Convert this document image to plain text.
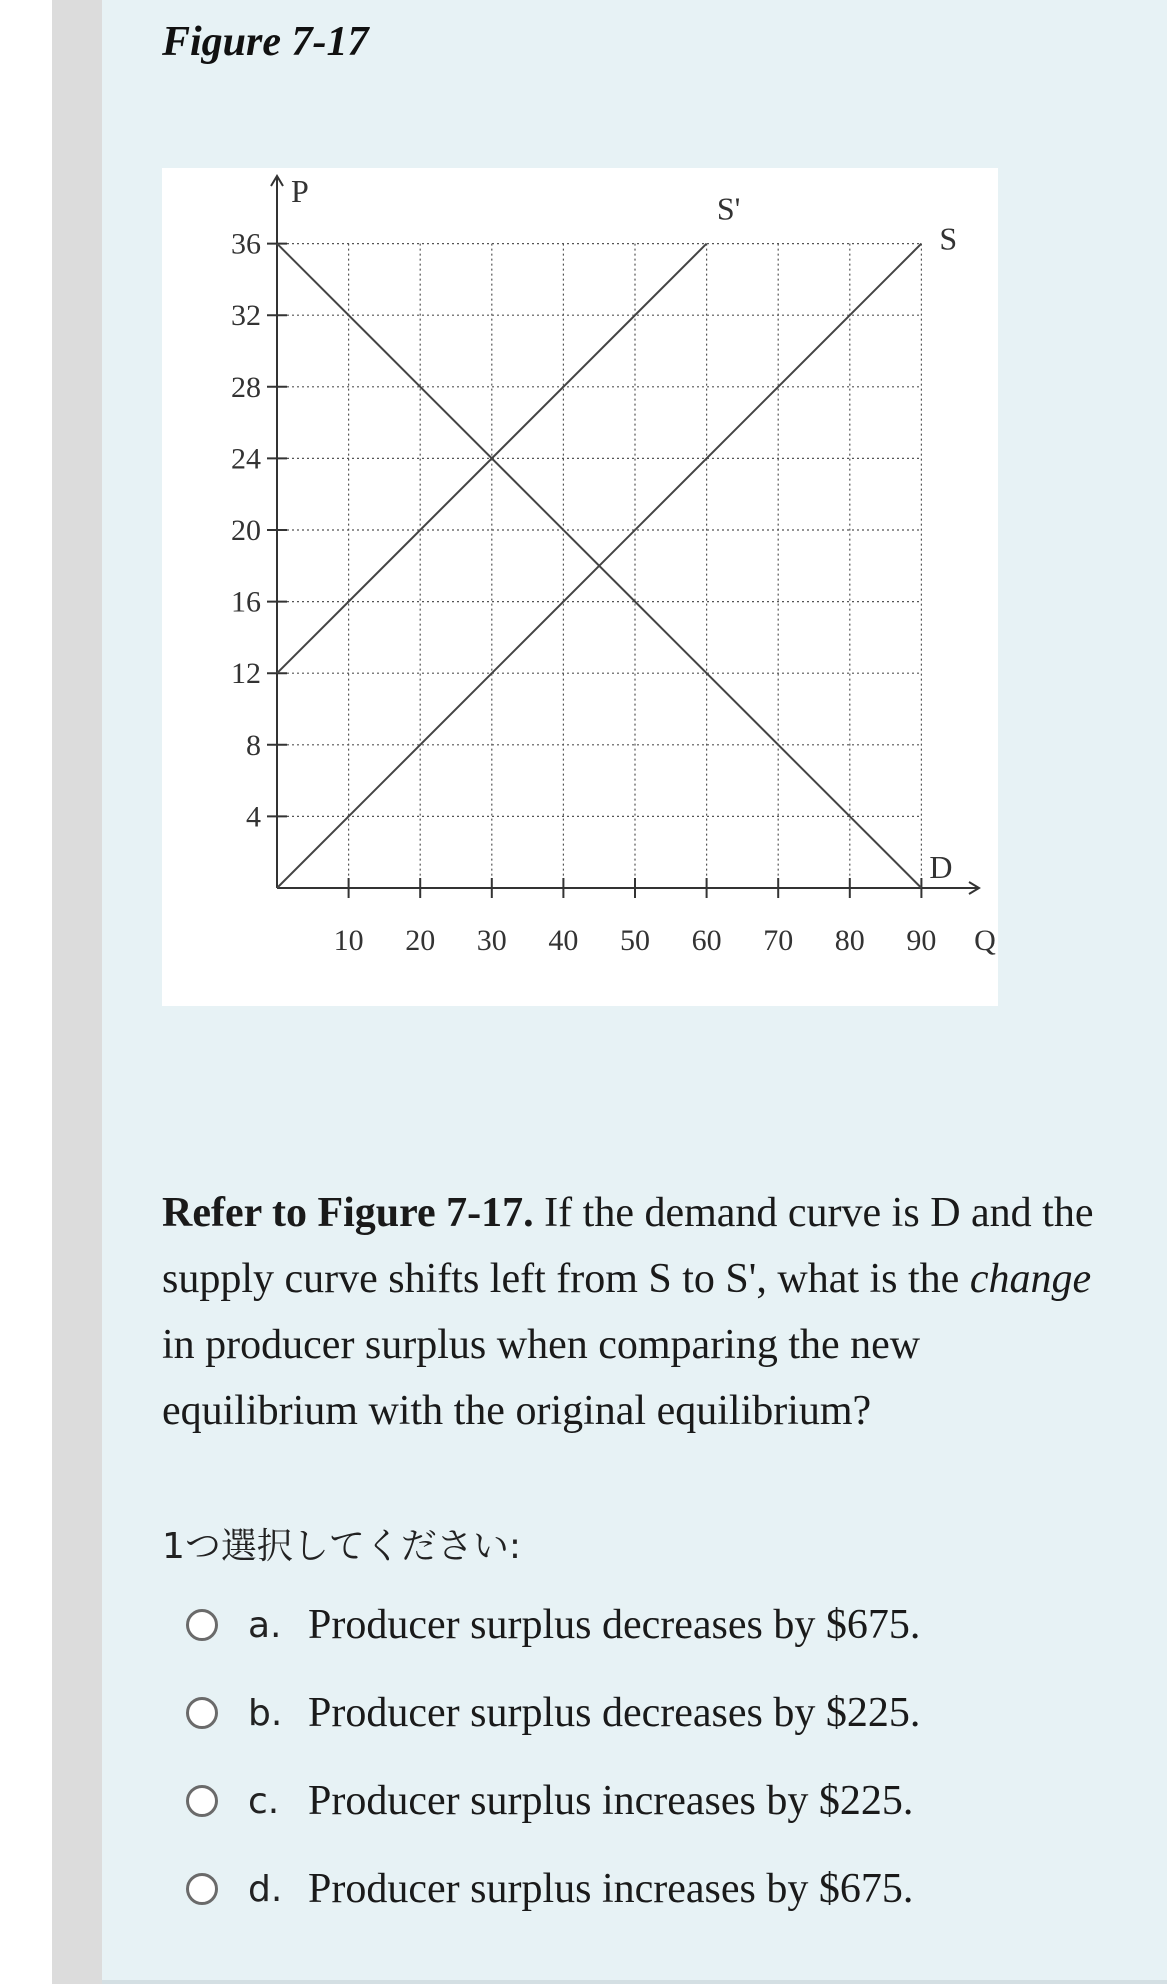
Figure 7-17
4
8
12
16
20
24
28
32
36
10 20 30 40 50 60 70 80 90
P
Q
D
S
S'
Refer to Figure 7-17. If the demand curve is D and the supply curve shifts left from S to S', what is the change in producer surplus when comparing the new equilibrium with the original equilibrium?
1つ選択してください:
a. Producer surplus decreases by $675.
b. Producer surplus decreases by $225.
c. Producer surplus increases by $225.
d. Producer surplus increases by $675.
